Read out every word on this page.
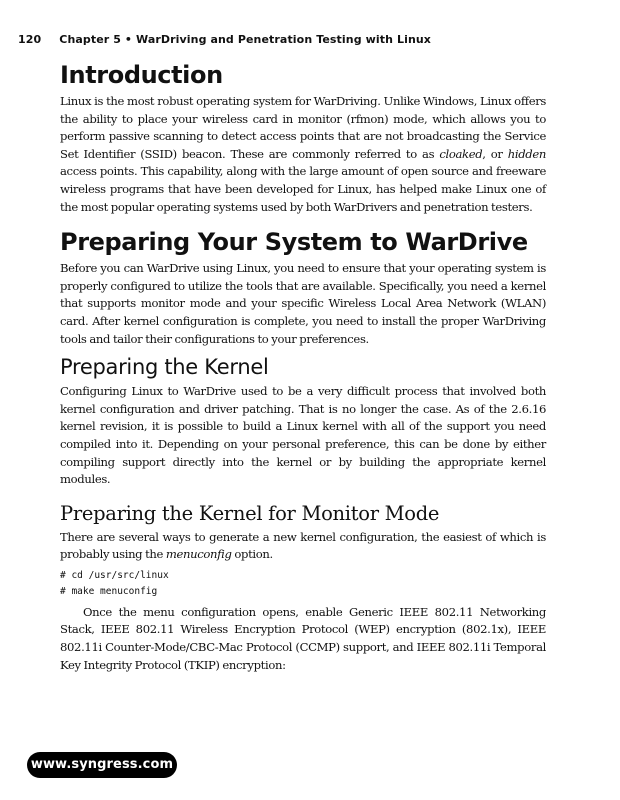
120 Chapter 5 • WarDriving and Penetration Testing with Linux
Introduction

Linux is the most robust operating system for WarDriving. Unlike Windows, Linux offers the ability to place your wireless card in monitor (rfmon) mode, which allows you to perform passive scanning to detect access points that are not broadcasting the Service Set Identifier (SSID) beacon. These are commonly referred to as cloaked, or hidden access points. This capability, along with the large amount of open source and freeware wireless programs that have been developed for Linux, has helped make Linux one of the most popular operating systems used by both WarDrivers and penetration testers.

Preparing Your System to WarDrive

Before you can WarDrive using Linux, you need to ensure that your operating system is properly configured to utilize the tools that are available. Specifically, you need a kernel that supports monitor mode and your specific Wireless Local Area Network (WLAN) card. After kernel configuration is complete, you need to install the proper WarDriving tools and tailor their configurations to your preferences.

Preparing the Kernel

Configuring Linux to WarDrive used to be a very difficult process that involved both kernel configuration and driver patching. That is no longer the case. As of the 2.6.16 kernel revision, it is possible to build a Linux kernel with all of the support you need compiled into it. Depending on your personal preference, this can be done by either compiling support directly into the kernel or by building the appropriate kernel modules.

Preparing the Kernel for Monitor Mode

There are several ways to generate a new kernel configuration, the easiest of which is probably using the menuconfig option.

# cd /usr/src/linux
# make menuconfig

Once the menu configuration opens, enable Generic IEEE 802.11 Networking Stack, IEEE 802.11 Wireless Encryption Protocol (WEP) encryption (802.1x), IEEE 802.11i Counter-Mode/CBC-Mac Protocol (CCMP) support, and IEEE 802.11i Temporal Key Integrity Protocol (TKIP) encryption:

www.syngress.com
